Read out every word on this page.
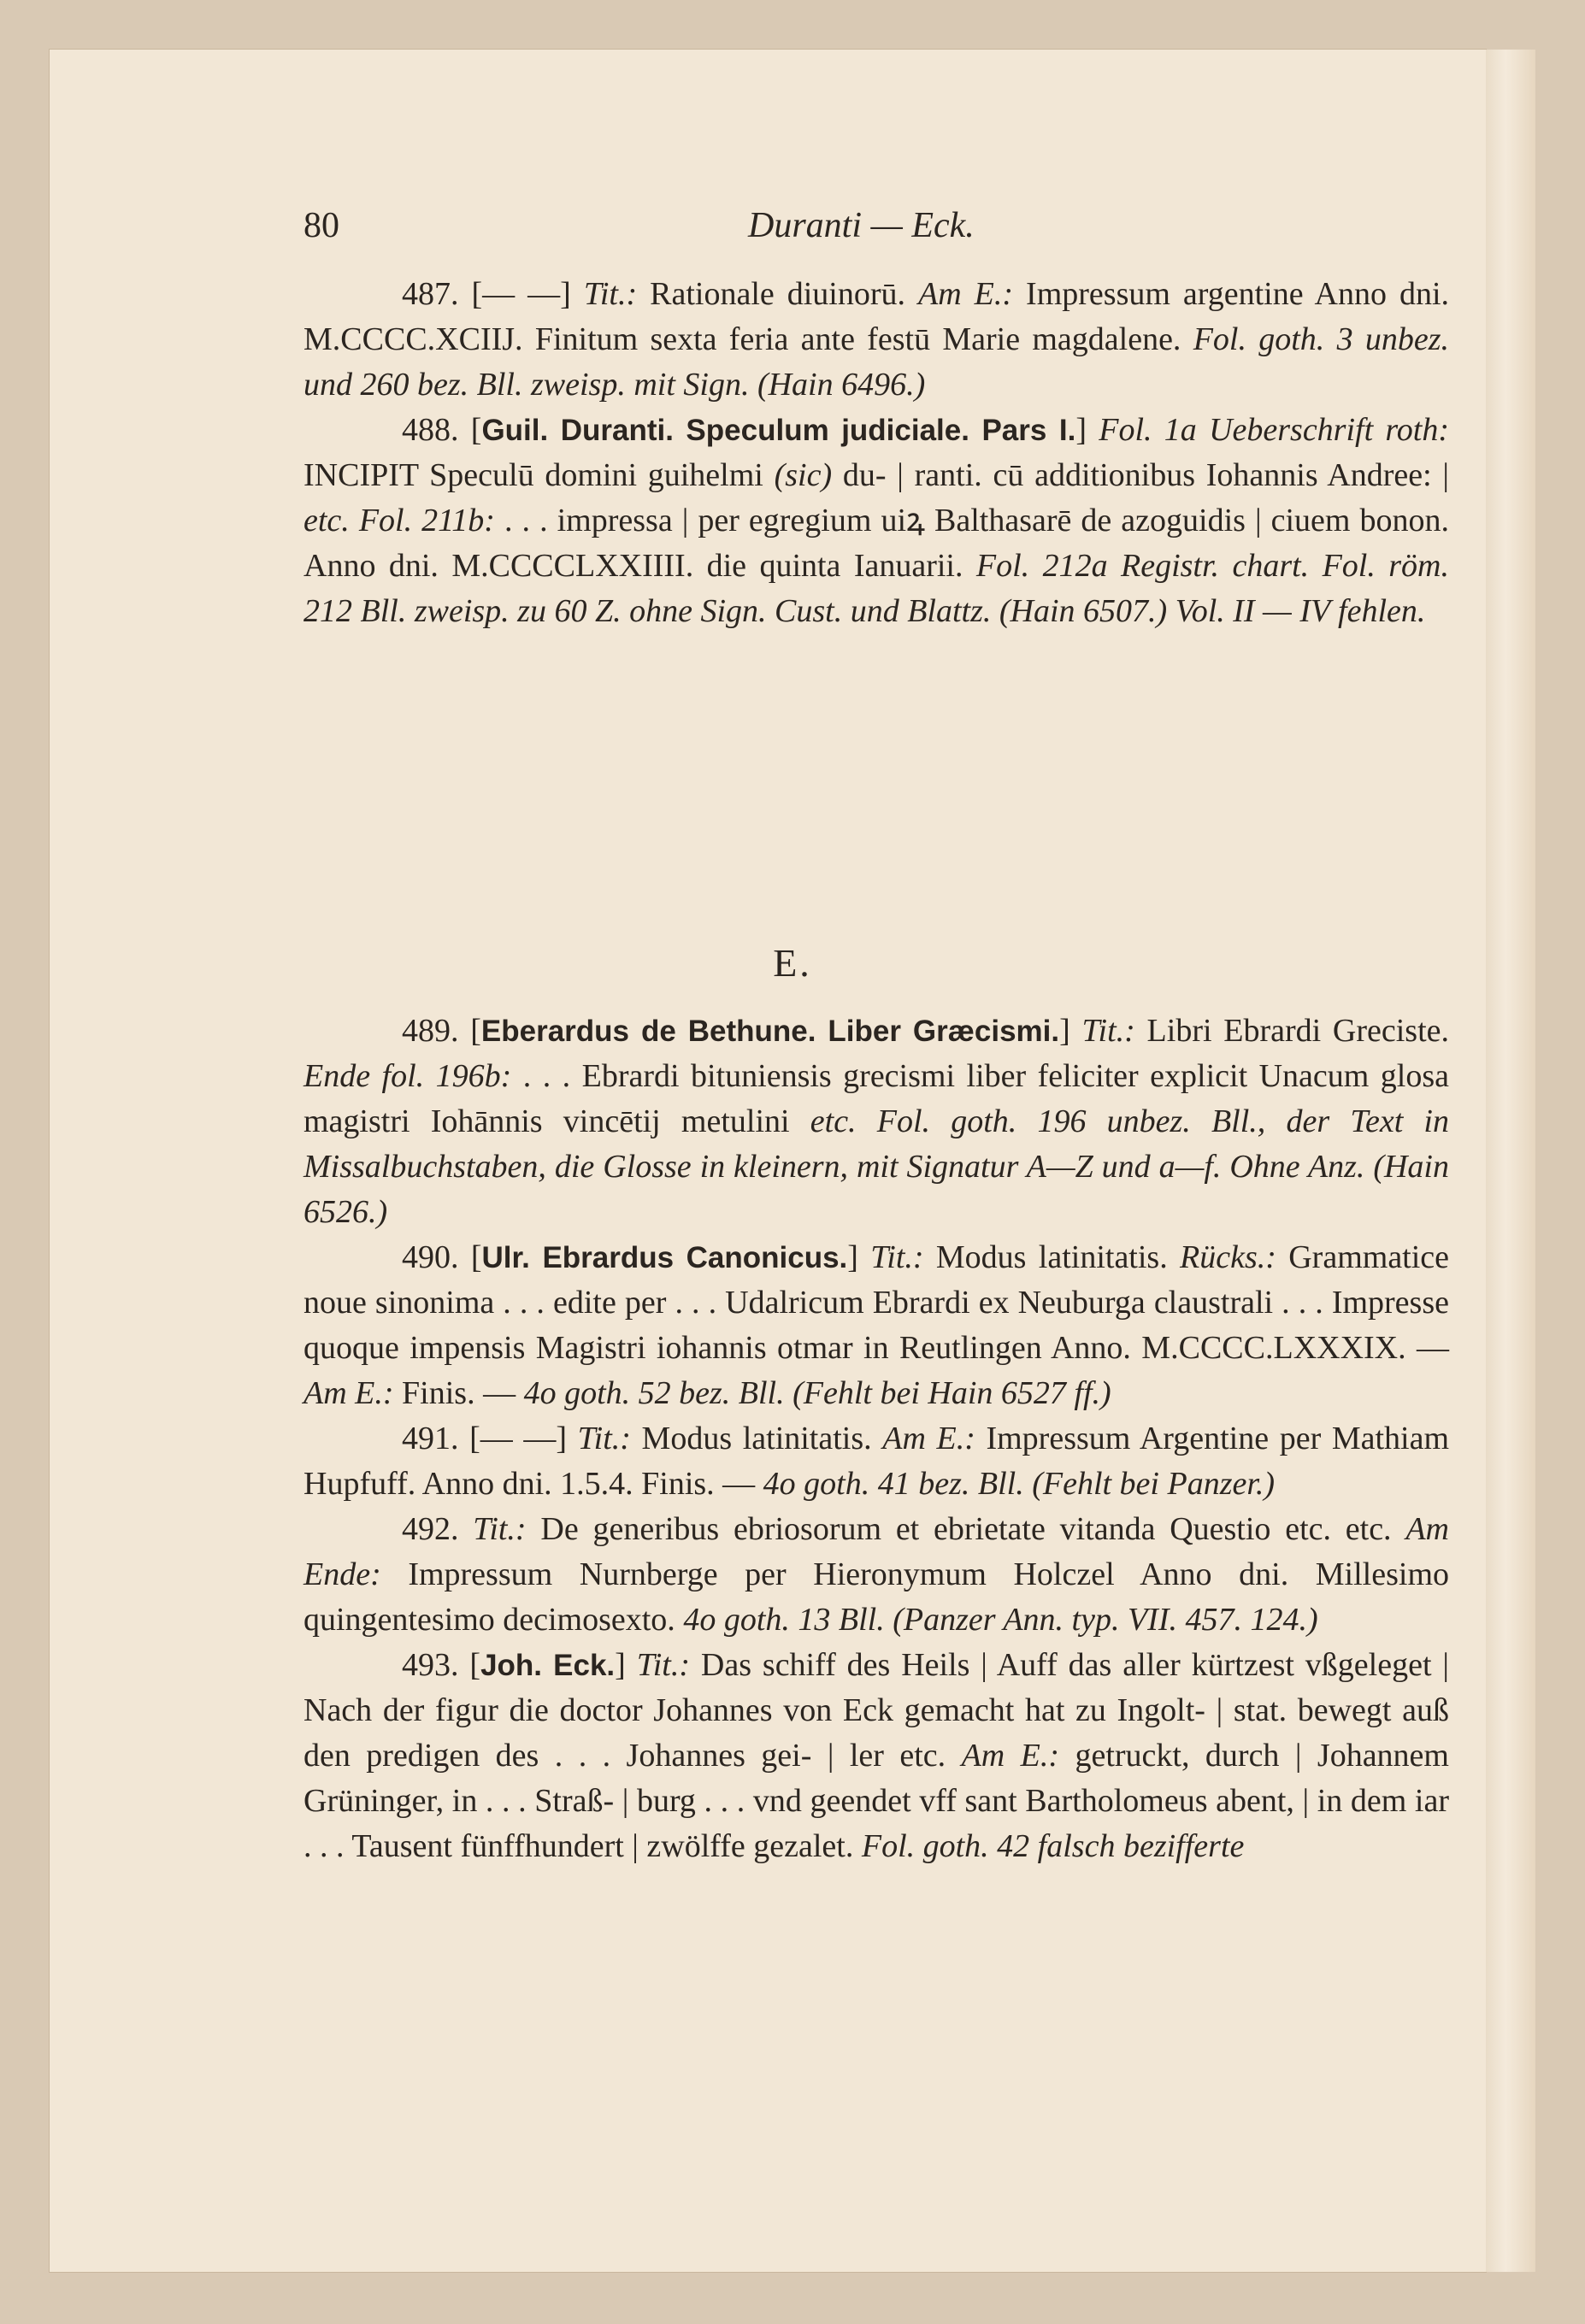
80	Duranti — Eck.

487. [— —] Tit.: Rationale diuinorū. Am E.: Impressum argentine Anno dni. M.CCCC.XCIIJ. Finitum sexta feria ante festū Marie magdalene. Fol. goth. 3 unbez. und 260 bez. Bll. zweisp. mit Sign. (Hain 6496.)

488. [Guil. Duranti. Speculum judiciale. Pars I.] Fol. 1a Ueberschrift roth: INCIPIT Speculū domini guihelmi (sic) du- | ranti. cū additionibus Iohannis Andree: | etc. Fol. 211b: . . . impressa | per egregium uiꝝ Balthasarē de azoguidis | ciuem bonon. Anno dni. M.CCCCLXXIIII. die quinta Ianuarii. Fol. 212a Registr. chart. Fol. röm. 212 Bll. zweisp. zu 60 Z. ohne Sign. Cust. und Blattz. (Hain 6507.) Vol. II — IV fehlen.

E.

489. [Eberardus de Bethune. Liber Græcismi.] Tit.: Libri Ebrardi Greciste. Ende fol. 196b: . . . Ebrardi bituniensis grecismi liber feliciter explicit Unacum glosa magistri Iohānnis vincētij metulini etc. Fol. goth. 196 unbez. Bll., der Text in Missalbuchstaben, die Glosse in kleinern, mit Signatur A—Z und a—f. Ohne Anz. (Hain 6526.)

490. [Ulr. Ebrardus Canonicus.] Tit.: Modus latinitatis. Rücks.: Grammatice noue sinonima . . . edite per . . . Udalricum Ebrardi ex Neuburga claustrali . . . Impresse quoque impensis Magistri iohannis otmar in Reutlingen Anno. M.CCCC.LXXXIX. — Am E.: Finis. — 4o goth. 52 bez. Bll. (Fehlt bei Hain 6527 ff.)

491. [— —] Tit.: Modus latinitatis. Am E.: Impressum Argentine per Mathiam Hupfuff. Anno dni. 1.5.4. Finis. — 4o goth. 41 bez. Bll. (Fehlt bei Panzer.)

492. Tit.: De generibus ebriosorum et ebrietate vitanda Questio etc. etc. Am Ende: Impressum Nurnberge per Hieronymum Holczel Anno dni. Millesimo quingentesimo decimosexto. 4o goth. 13 Bll. (Panzer Ann. typ. VII. 457. 124.)

493. [Joh. Eck.] Tit.: Das schiff des Heils | Auff das aller kürtzest vßgeleget | Nach der figur die doctor Johannes von Eck gemacht hat zu Ingolt- | stat. bewegt auß den predigen des . . . Johannes gei- | ler etc. Am E.: getruckt, durch | Johannem Grüninger, in . . . Straß- | burg . . . vnd geendet vff sant Bartholomeus abent, | in dem iar . . . Tausent fünffhundert | zwölffe gezalet. Fol. goth. 42 falsch bezifferte
